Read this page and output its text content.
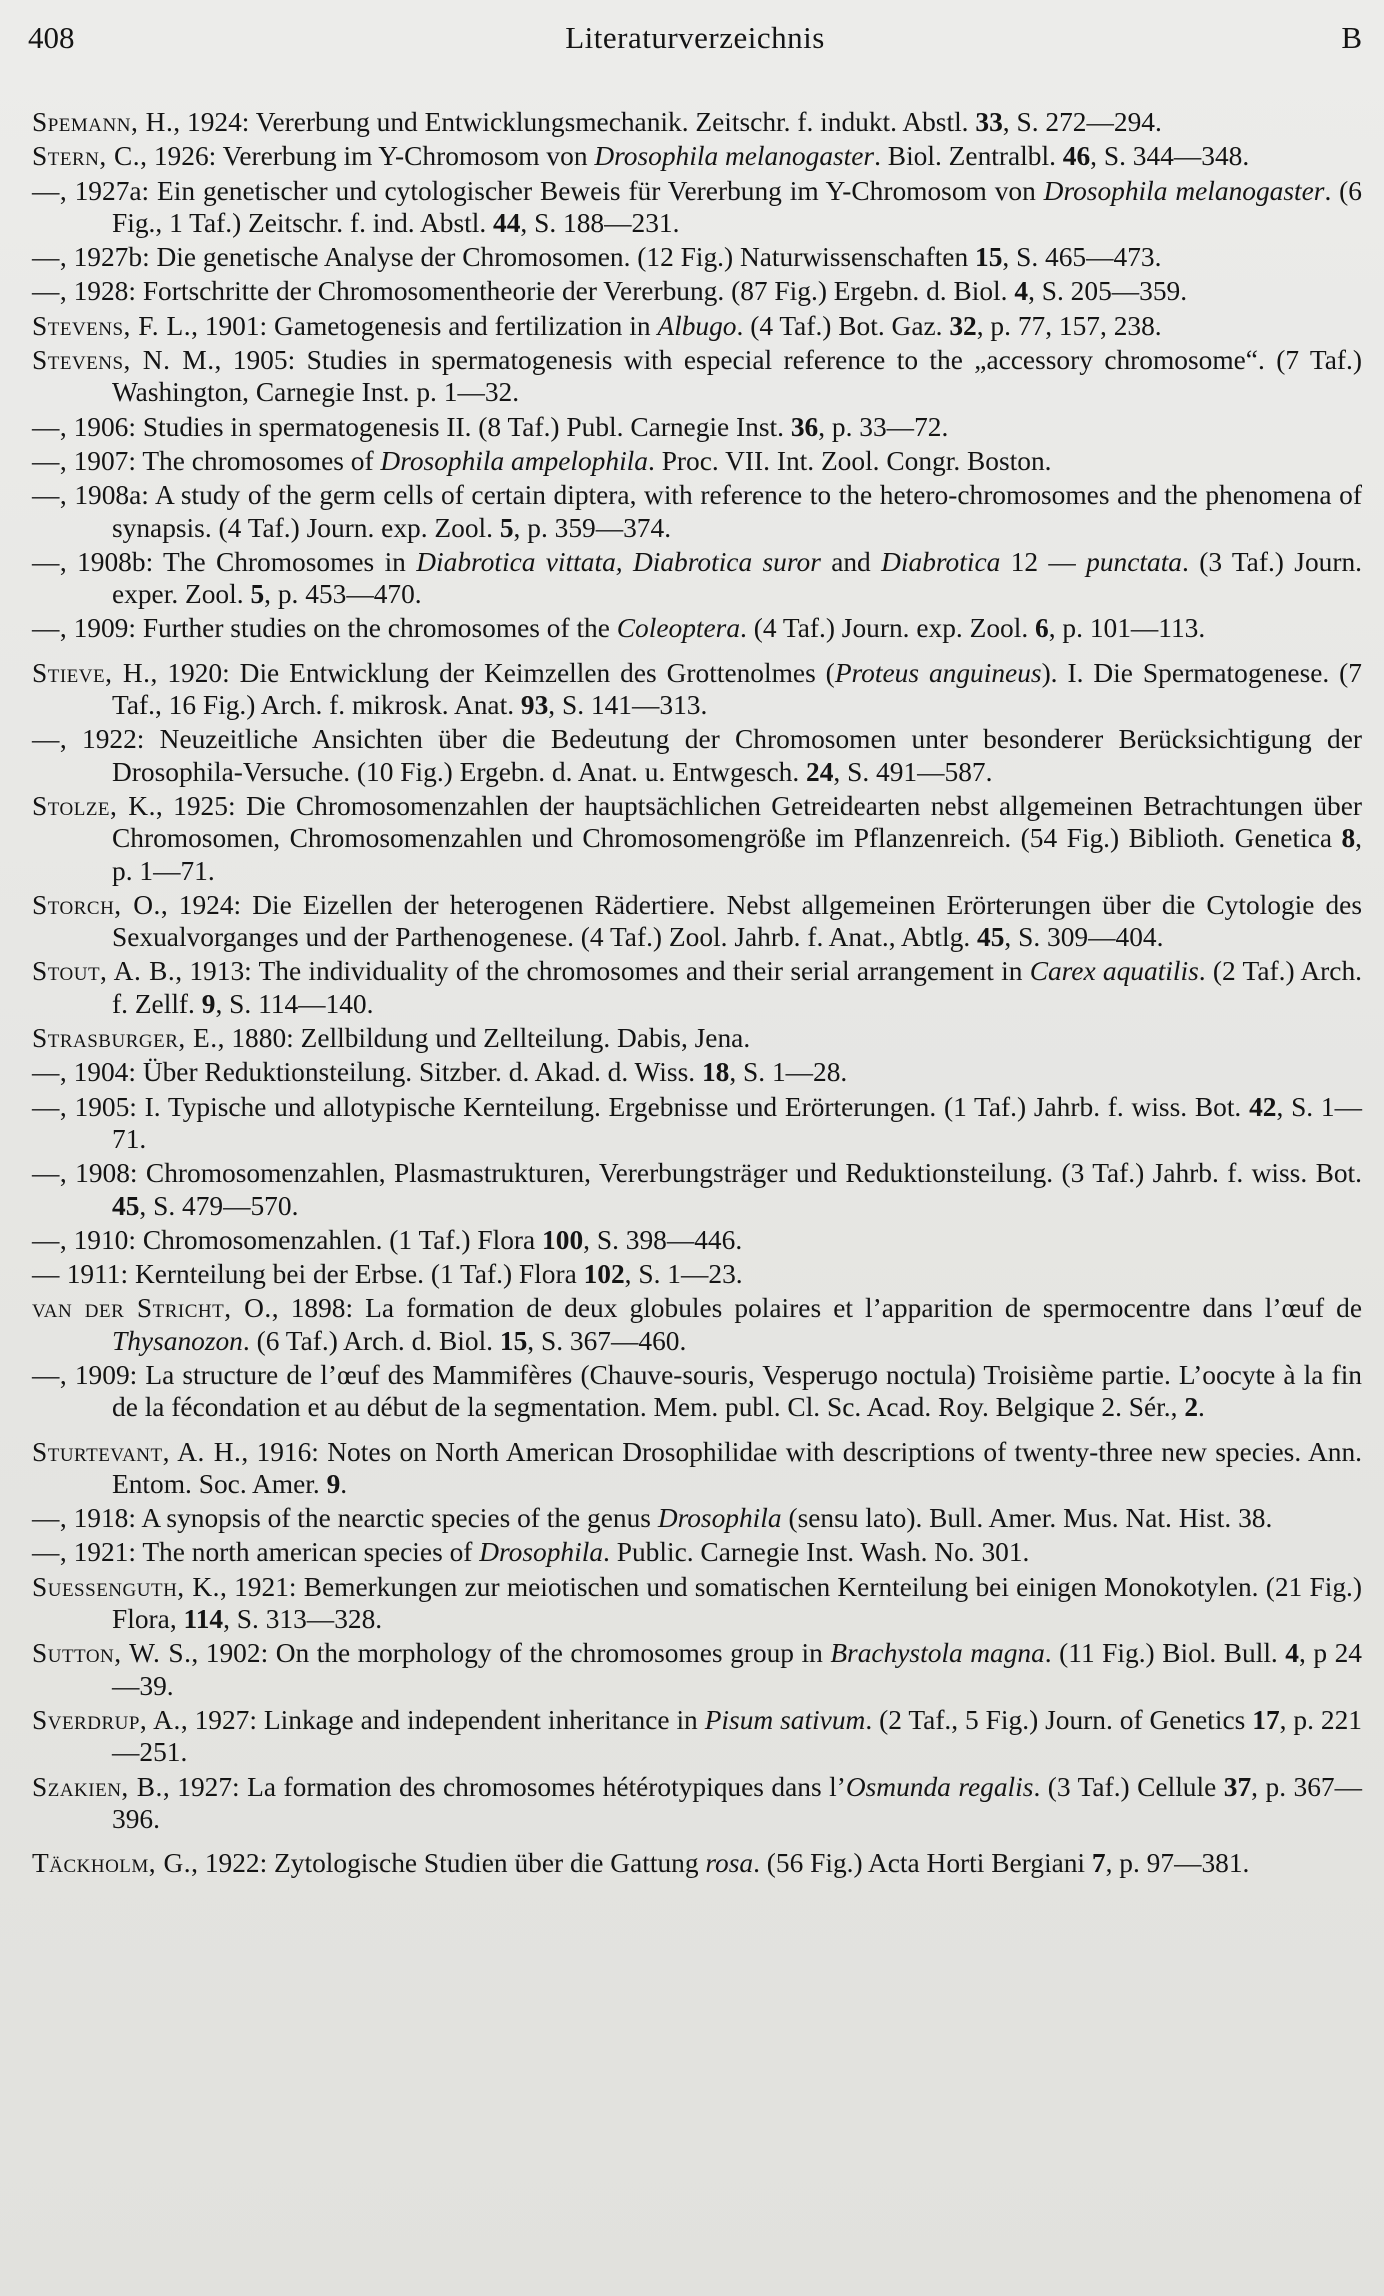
408	Literaturverzeichnis	B
Spemann, H., 1924: Vererbung und Entwicklungsmechanik. Zeitschr. f. indukt. Abstl. 33, S. 272—294.
Stern, C., 1926: Vererbung im Y-Chromosom von Drosophila melanogaster. Biol. Zentralbl. 46, S. 344—348.
—, 1927a: Ein genetischer und cytologischer Beweis für Vererbung im Y-Chromosom von Drosophila melanogaster. (6 Fig., 1 Taf.) Zeitschr. f. ind. Abstl. 44, S. 188—231.
—, 1927b: Die genetische Analyse der Chromosomen. (12 Fig.) Naturwissenschaften 15, S. 465—473.
—, 1928: Fortschritte der Chromosomentheorie der Vererbung. (87 Fig.) Ergebn. d. Biol. 4, S. 205—359.
Stevens, F. L., 1901: Gametogenesis and fertilization in Albugo. (4 Taf.) Bot. Gaz. 32, p. 77, 157, 238.
Stevens, N. M., 1905: Studies in spermatogenesis with especial reference to the „accessory chromosome“. (7 Taf.) Washington, Carnegie Inst. p. 1—32.
—, 1906: Studies in spermatogenesis II. (8 Taf.) Publ. Carnegie Inst. 36, p. 33—72.
—, 1907: The chromosomes of Drosophila ampelophila. Proc. VII. Int. Zool. Congr. Boston.
—, 1908a: A study of the germ cells of certain diptera, with reference to the hetero-chromosomes and the phenomena of synapsis. (4 Taf.) Journ. exp. Zool. 5, p. 359—374.
—, 1908b: The Chromosomes in Diabrotica vittata, Diabrotica suror and Diabrotica 12 — punctata. (3 Taf.) Journ. exper. Zool. 5, p. 453—470.
—, 1909: Further studies on the chromosomes of the Coleoptera. (4 Taf.) Journ. exp. Zool. 6, p. 101—113.
Stieve, H., 1920: Die Entwicklung der Keimzellen des Grottenolmes (Proteus anguineus). I. Die Spermatogenese. (7 Taf., 16 Fig.) Arch. f. mikrosk. Anat. 93, S. 141—313.
—, 1922: Neuzeitliche Ansichten über die Bedeutung der Chromosomen unter besonderer Berücksichtigung der Drosophila-Versuche. (10 Fig.) Ergebn. d. Anat. u. Entwgesch. 24, S. 491—587.
Stolze, K., 1925: Die Chromosomenzahlen der hauptsächlichen Getreidearten nebst allgemeinen Betrachtungen über Chromosomen, Chromosomenzahlen und Chromosomengröße im Pflanzenreich. (54 Fig.) Biblioth. Genetica 8, p. 1—71.
Storch, O., 1924: Die Eizellen der heterogenen Rädertiere. Nebst allgemeinen Erörterungen über die Cytologie des Sexualvorganges und der Parthenogenese. (4 Taf.) Zool. Jahrb. f. Anat., Abtlg. 45, S. 309—404.
Stout, A. B., 1913: The individuality of the chromosomes and their serial arrangement in Carex aquatilis. (2 Taf.) Arch. f. Zellf. 9, S. 114—140.
Strasburger, E., 1880: Zellbildung und Zellteilung. Dabis, Jena.
—, 1904: Über Reduktionsteilung. Sitzber. d. Akad. d. Wiss. 18, S. 1—28.
—, 1905: I. Typische und allotypische Kernteilung. Ergebnisse und Erörterungen. (1 Taf.) Jahrb. f. wiss. Bot. 42, S. 1—71.
—, 1908: Chromosomenzahlen, Plasmastrukturen, Vererbungsträger und Reduktionsteilung. (3 Taf.) Jahrb. f. wiss. Bot. 45, S. 479—570.
—, 1910: Chromosomenzahlen. (1 Taf.) Flora 100, S. 398—446.
— 1911: Kernteilung bei der Erbse. (1 Taf.) Flora 102, S. 1—23.
van der Stricht, O., 1898: La formation de deux globules polaires et l’apparition de spermocentre dans l’œuf de Thysanozon. (6 Taf.) Arch. d. Biol. 15, S. 367—460.
—, 1909: La structure de l’œuf des Mammifères (Chauve-souris, Vesperugo noctula) Troisième partie. L’oocyte à la fin de la fécondation et au début de la segmentation. Mem. publ. Cl. Sc. Acad. Roy. Belgique 2. Sér., 2.
Sturtevant, A. H., 1916: Notes on North American Drosophilidae with descriptions of twenty-three new species. Ann. Entom. Soc. Amer. 9.
—, 1918: A synopsis of the nearctic species of the genus Drosophila (sensu lato). Bull. Amer. Mus. Nat. Hist. 38.
—, 1921: The north american species of Drosophila. Public. Carnegie Inst. Wash. No. 301.
Suessenguth, K., 1921: Bemerkungen zur meiotischen und somatischen Kernteilung bei einigen Monokotylen. (21 Fig.) Flora, 114, S. 313—328.
Sutton, W. S., 1902: On the morphology of the chromosomes group in Brachystola magna. (11 Fig.) Biol. Bull. 4, p 24—39.
Sverdrup, A., 1927: Linkage and independent inheritance in Pisum sativum. (2 Taf., 5 Fig.) Journ. of Genetics 17, p. 221—251.
Szakien, B., 1927: La formation des chromosomes hétérotypiques dans l’Osmunda regalis. (3 Taf.) Cellule 37, p. 367—396.
Täckholm, G., 1922: Zytologische Studien über die Gattung rosa. (56 Fig.) Acta Horti Bergiani 7, p. 97—381.
